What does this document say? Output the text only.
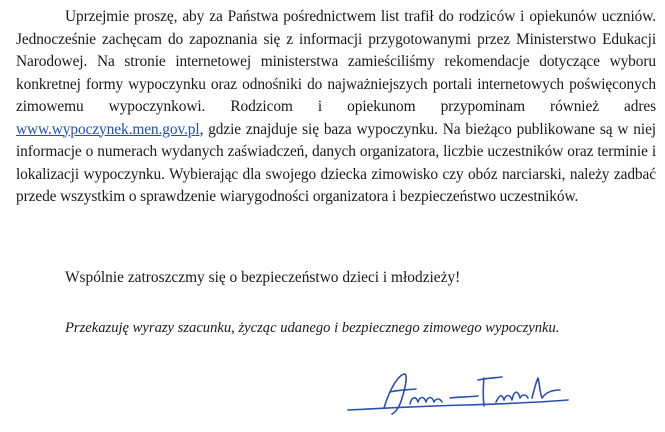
Uprzejmie proszę, aby za Państwa pośrednictwem list trafił do rodziców i opiekunów uczniów. Jednocześnie zachęcam do zapoznania się z informacji przygotowanymi przez Ministerstwo Edukacji Narodowej. Na stronie internetowej ministerstwa zamieściliśmy rekomendacje dotyczące wyboru konkretnej formy wypoczynku oraz odnośniki do najważniejszych portali internetowych poświęconych zimowemu wypoczynkowi. Rodzicom i opiekunom przypominam również adres www.wypoczynek.men.gov.pl, gdzie znajduje się baza wypoczynku. Na bieżąco publikowane są w niej informacje o numerach wydanych zaświadczeń, danych organizatora, liczbie uczestników oraz terminie i lokalizacji wypoczynku. Wybierając dla swojego dziecka zimowisko czy obóz narciarski, należy zadbać przede wszystkim o sprawdzenie wiarygodności organizatora i bezpieczeństwo uczestników.

Wspólnie zatroszczmy się o bezpieczeństwo dzieci i młodzieży!

Przekazuję wyrazy szacunku, życząc udanego i bezpiecznego zimowego wypoczynku.
